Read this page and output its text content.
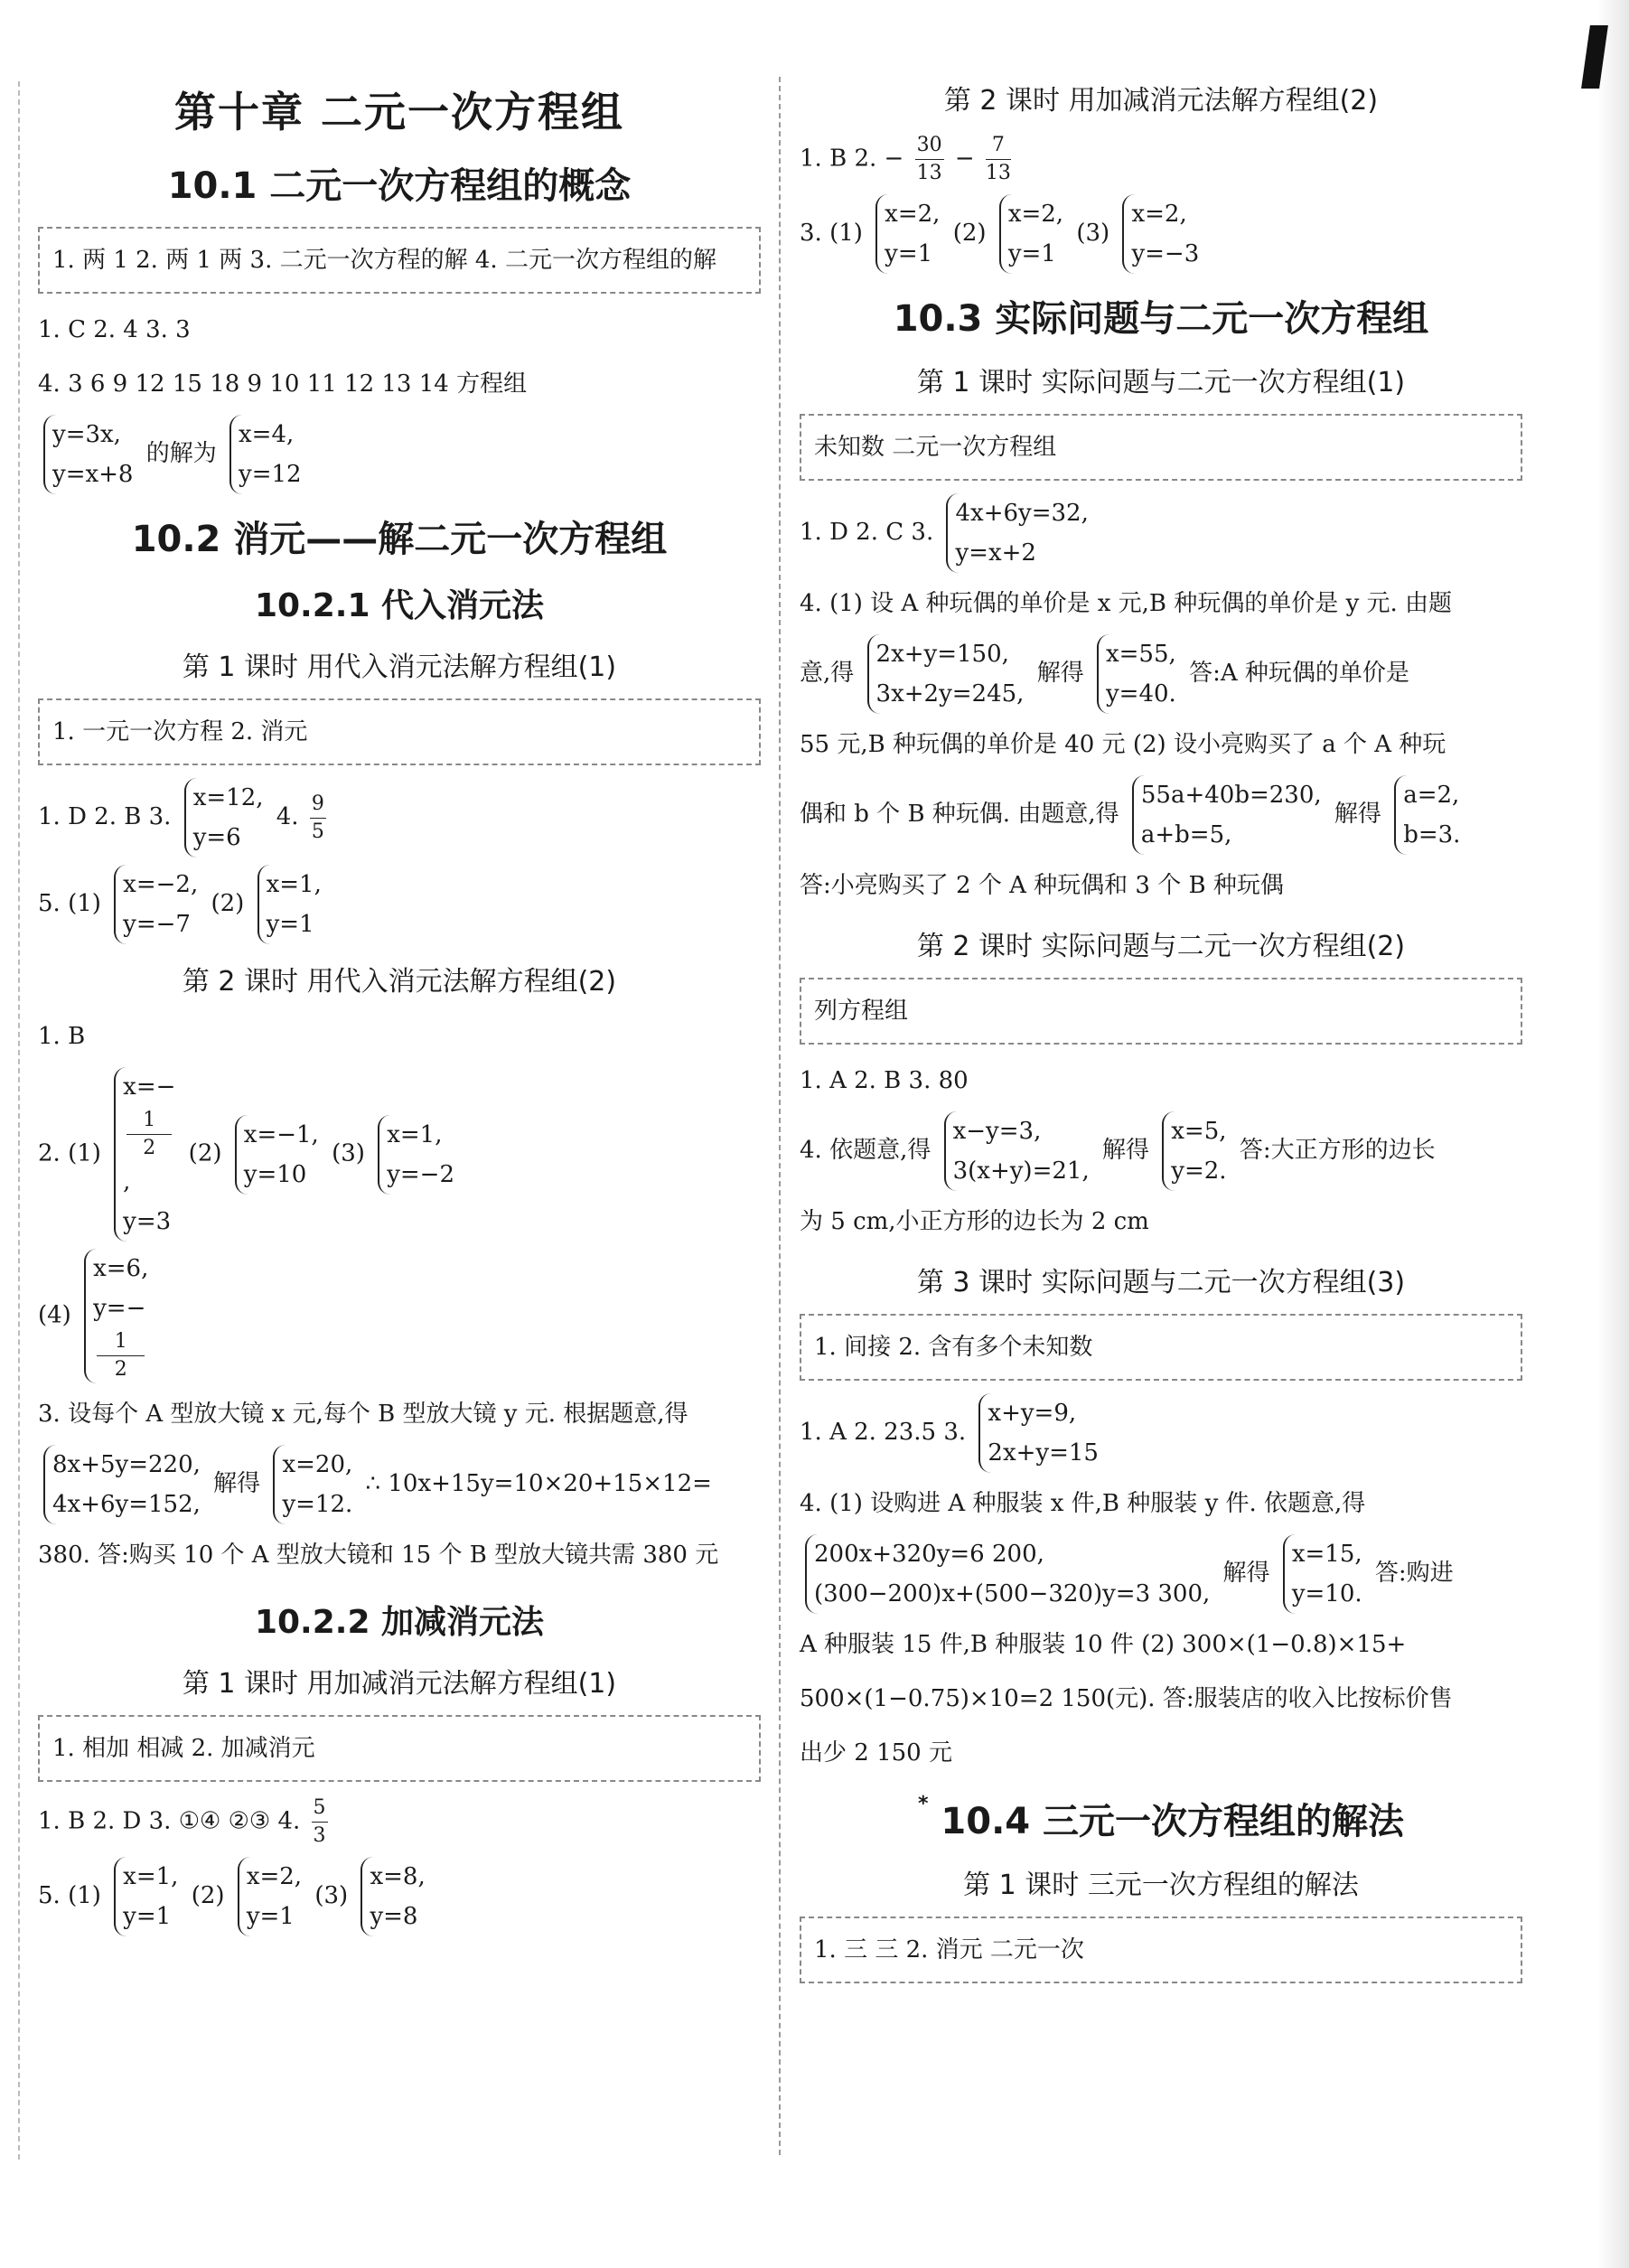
第十章 二元一次方程组
10.1 二元一次方程组的概念
1. 两 1 2. 两 1 两 3. 二元一次方程的解 4. 二元一次方程组的解
1. C 2. 4 3. 3
4. 3 6 9 12 15 18 9 10 11 12 13 14 方程组
y=3x,
y=x+8
的解为
x=4,
y=12
10.2 消元——解二元一次方程组
10.2.1 代入消元法
第 1 课时 用代入消元法解方程组(1)
1. 一元一次方程 2. 消元
1. D 2. B 3.
x=12,
y=6
4. $\frac{9}{5}$
5. (1)
x=−2,
y=−7
(2)
x=1,
y=1
第 2 课时 用代入消元法解方程组(2)
1. B
2. (1)
x=−
1
2
,
y=3
(2)
x=−1,
y=10
(3)
x=1,
y=−2
(4)
x=6,
y=−
1
2
3. 设每个 A 型放大镜 x 元,每个 B 型放大镜 y 元. 根据题意,得
8x+5y=220,
4x+6y=152,
解得
x=20,
y=12.
∴ 10x+15y=10×20+15×12=
380. 答:购买 10 个 A 型放大镜和 15 个 B 型放大镜共需 380 元
10.2.2 加减消元法
第 1 课时 用加减消元法解方程组(1)
1. 相加 相减 2. 加减消元
1. B 2. D 3. ①④ ②③ 4. $\frac{5}{3}$
5. (1)
x=1,
y=1
(2)
x=2,
y=1
(3)
x=8,
y=8
第 2 课时 用加减消元法解方程组(2)
1. B 2. − $\frac{30}{13} - \frac{7}{13}$
3. (1)
x=2,
y=1
(2)
x=2,
y=1
(3)
x=2,
y=−3
10.3 实际问题与二元一次方程组
第 1 课时 实际问题与二元一次方程组(1)
未知数 二元一次方程组
1. D 2. C 3.
4x+6y=32,
y=x+2
4. (1) 设 A 种玩偶的单价是 x 元,B 种玩偶的单价是 y 元. 由题
意,得
2x+y=150,
3x+2y=245,
解得
x=55,
y=40.
答:A 种玩偶的单价是
55 元,B 种玩偶的单价是 40 元 (2) 设小亮购买了 a 个 A 种玩
偶和 b 个 B 种玩偶. 由题意,得
55a+40b=230,
a+b=5,
解得
a=2,
b=3.
答:小亮购买了 2 个 A 种玩偶和 3 个 B 种玩偶
第 2 课时 实际问题与二元一次方程组(2)
列方程组
1. A 2. B 3. 80
4. 依题意,得
x−y=3,
3(x+y)=21,
解得
x=5,
y=2.
答:大正方形的边长
为 5 cm,小正方形的边长为 2 cm
第 3 课时 实际问题与二元一次方程组(3)
1. 间接 2. 含有多个未知数
1. A 2. 23.5 3.
x+y=9,
2x+y=15
4. (1) 设购进 A 种服装 x 件,B 种服装 y 件. 依题意,得
200x+320y=6 200,
(300−200)x+(500−320)y=3 300,
解得
x=15,
y=10.
答:购进
A 种服装 15 件,B 种服装 10 件 (2) 300×(1−0.8)×15+
500×(1−0.75)×10=2 150(元). 答:服装店的收入比按标价售
出少 2 150 元
* 10.4 三元一次方程组的解法
第 1 课时 三元一次方程组的解法
1. 三 三 2. 消元 二元一次
